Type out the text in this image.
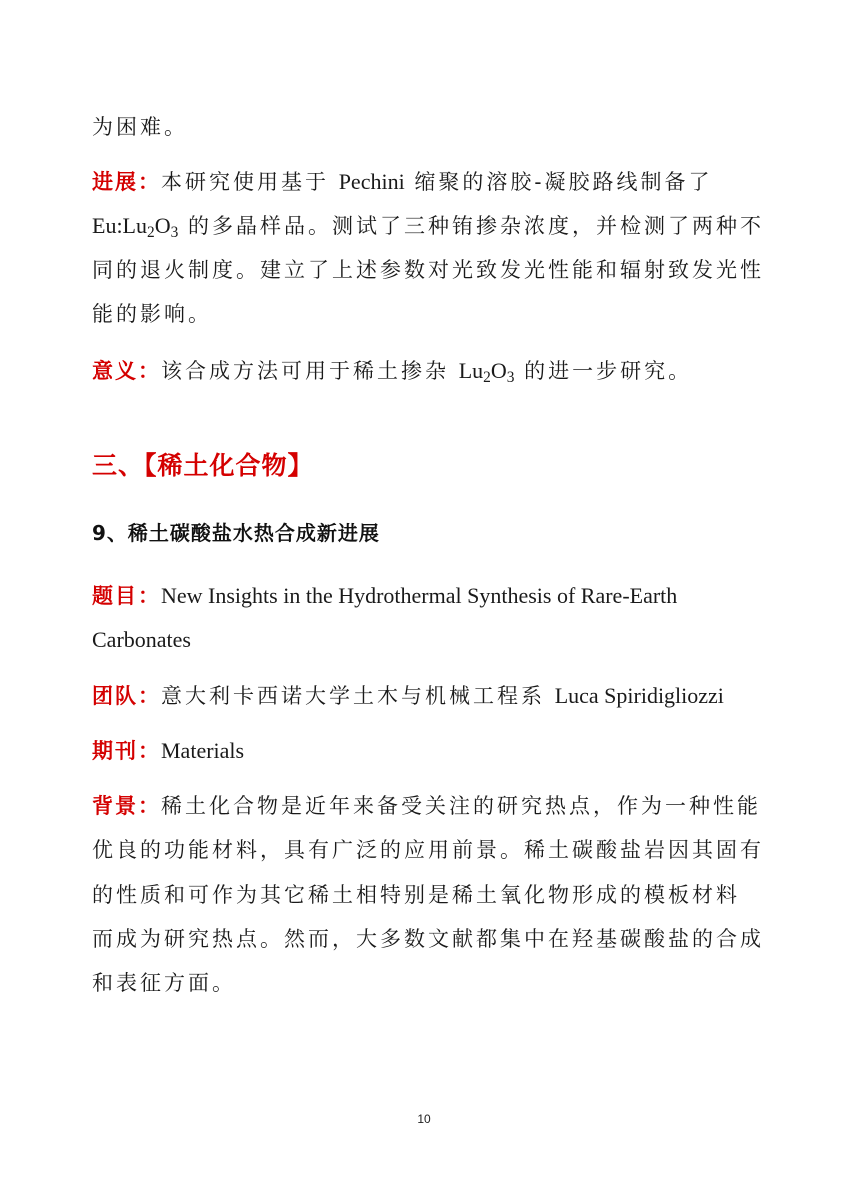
为困难。
进展：本研究使用基于 Pechini 缩聚的溶胶-凝胶路线制备了
$Eu:Lu_2O_3$ 的多晶样品。测试了三种铕掺杂浓度，并检测了两种不
同的退火制度。建立了上述参数对光致发光性能和辐射致发光性
能的影响。
意义：该合成方法可用于稀土掺杂 $Lu_2O_3$ 的进一步研究。
三、【稀土化合物】
9、稀土碳酸盐水热合成新进展
题目：New Insights in the Hydrothermal Synthesis of Rare-Earth
Carbonates
团队：意大利卡西诺大学土木与机械工程系 Luca Spiridigliozzi
期刊：Materials
背景：稀土化合物是近年来备受关注的研究热点，作为一种性能
优良的功能材料，具有广泛的应用前景。稀土碳酸盐岩因其固有
的性质和可作为其它稀土相特别是稀土氧化物形成的模板材料
而成为研究热点。然而，大多数文献都集中在羟基碳酸盐的合成
和表征方面。
10
